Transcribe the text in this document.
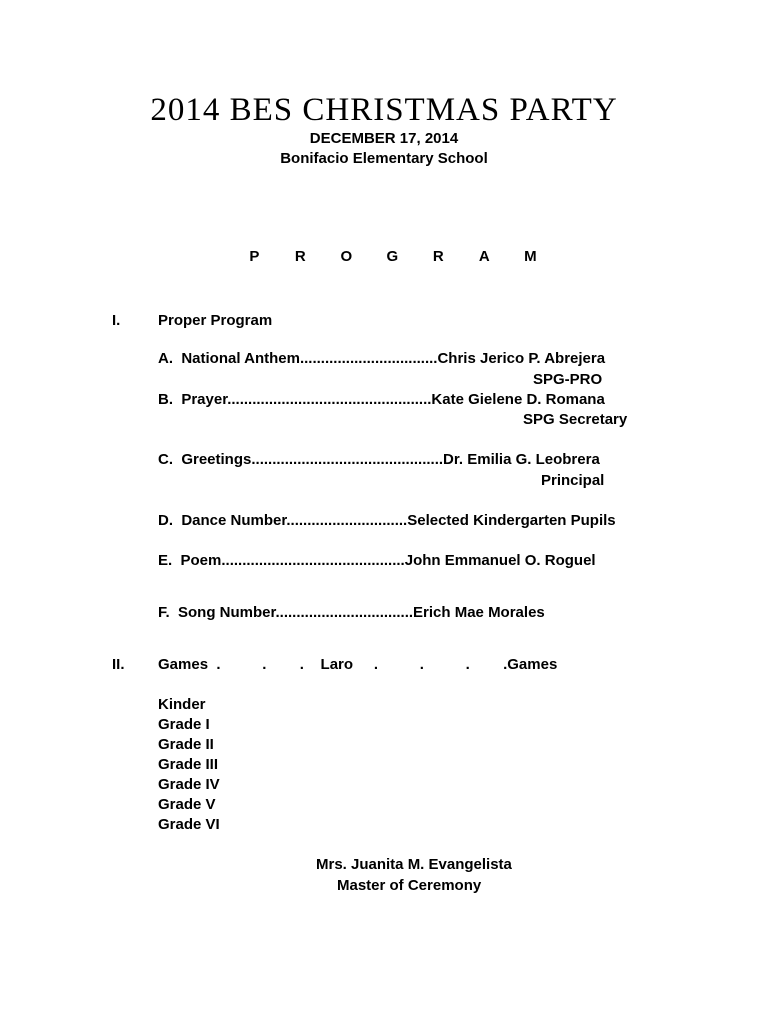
2014 BES CHRISTMAS PARTY
DECEMBER 17, 2014
Bonifacio Elementary School

P R O G R A M

I.	Proper Program
A.  National Anthem.................................Chris Jerico P. Abrejera
SPG-PRO
B.  Prayer.................................................Kate Gielene D. Romana
SPG Secretary
C.  Greetings..............................................Dr. Emilia G. Leobrera
Principal
D.  Dance Number.............................Selected Kindergarten Pupils
E.  Poem............................................John Emmanuel O. Roguel
F.  Song Number.................................Erich Mae Morales
II. Games  .          .        .    Laro     .          .          .        .Games
Kinder
Grade I
Grade II
Grade III
Grade IV
Grade V
Grade VI
Mrs. Juanita M. Evangelista
Master of Ceremony
